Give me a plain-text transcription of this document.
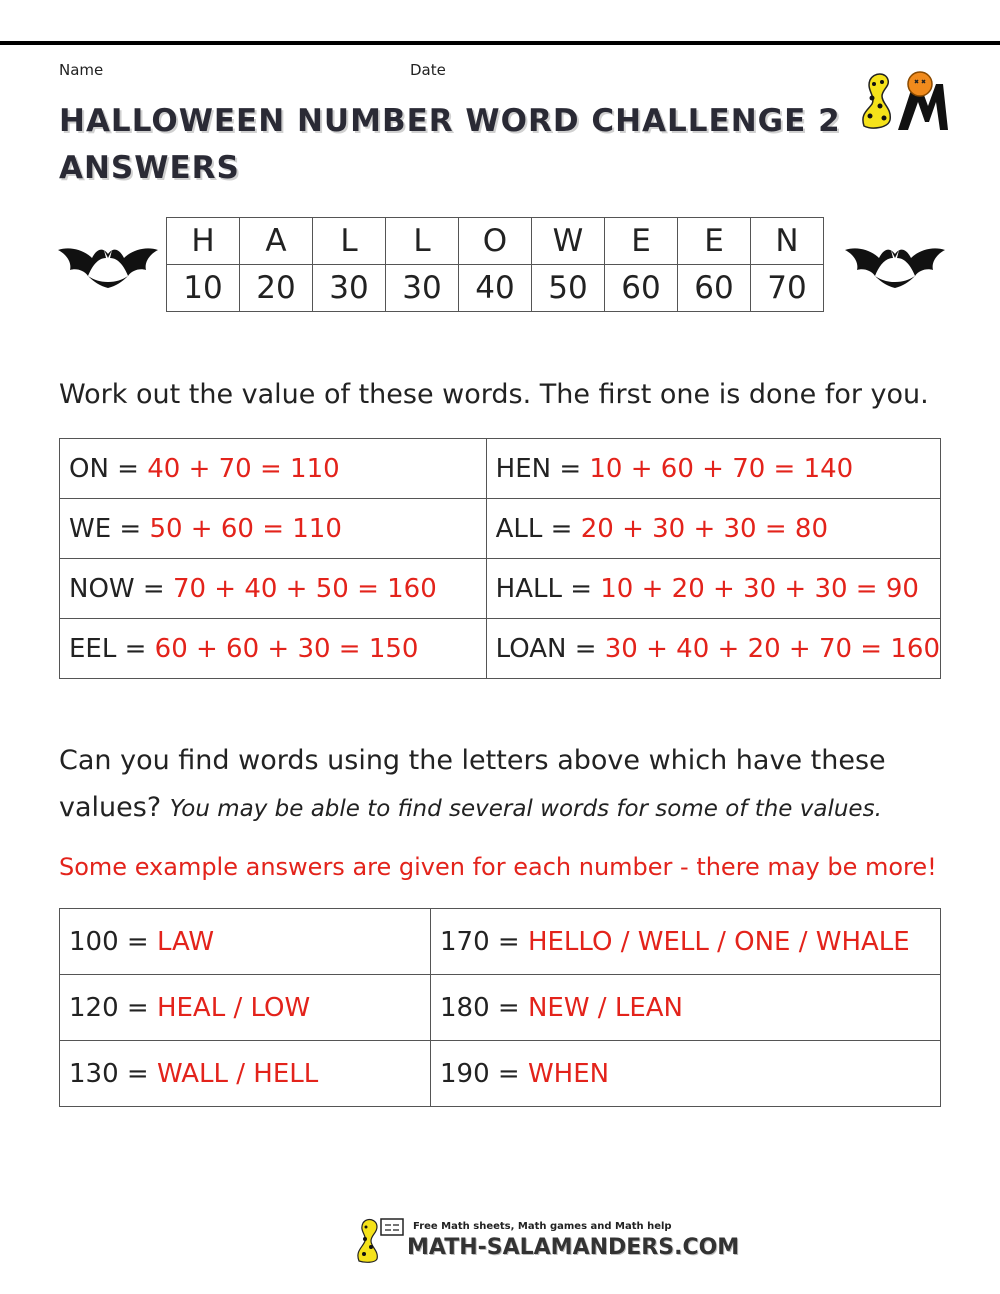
Name	Date
HALLOWEEN NUMBER WORD CHALLENGE 2
ANSWERS
H	A	L	L	O	W	E	E	N
10	20	30	30	40	50	60	60	70
Work out the value of these words. The first one is done for you.
ON = 40 + 70 = 110	HEN = 10 + 60 + 70 = 140
WE = 50 + 60 = 110	ALL = 20 + 30 + 30 = 80
NOW = 70 + 40 + 50 = 160	HALL = 10 + 20 + 30 + 30 = 90
EEL = 60 + 60 + 30 = 150	LOAN = 30 + 40 + 20 + 70 = 160
Can you find words using the letters above which have these
values? You may be able to find several words for some of the values.
Some example answers are given for each number - there may be more!
100 = LAW	170 = HELLO / WELL / ONE / WHALE
120 = HEAL / LOW	180 = NEW / LEAN
130 = WALL / HELL	190 = WHEN
Free Math sheets, Math games and Math help
MATH-SALAMANDERS.COM
